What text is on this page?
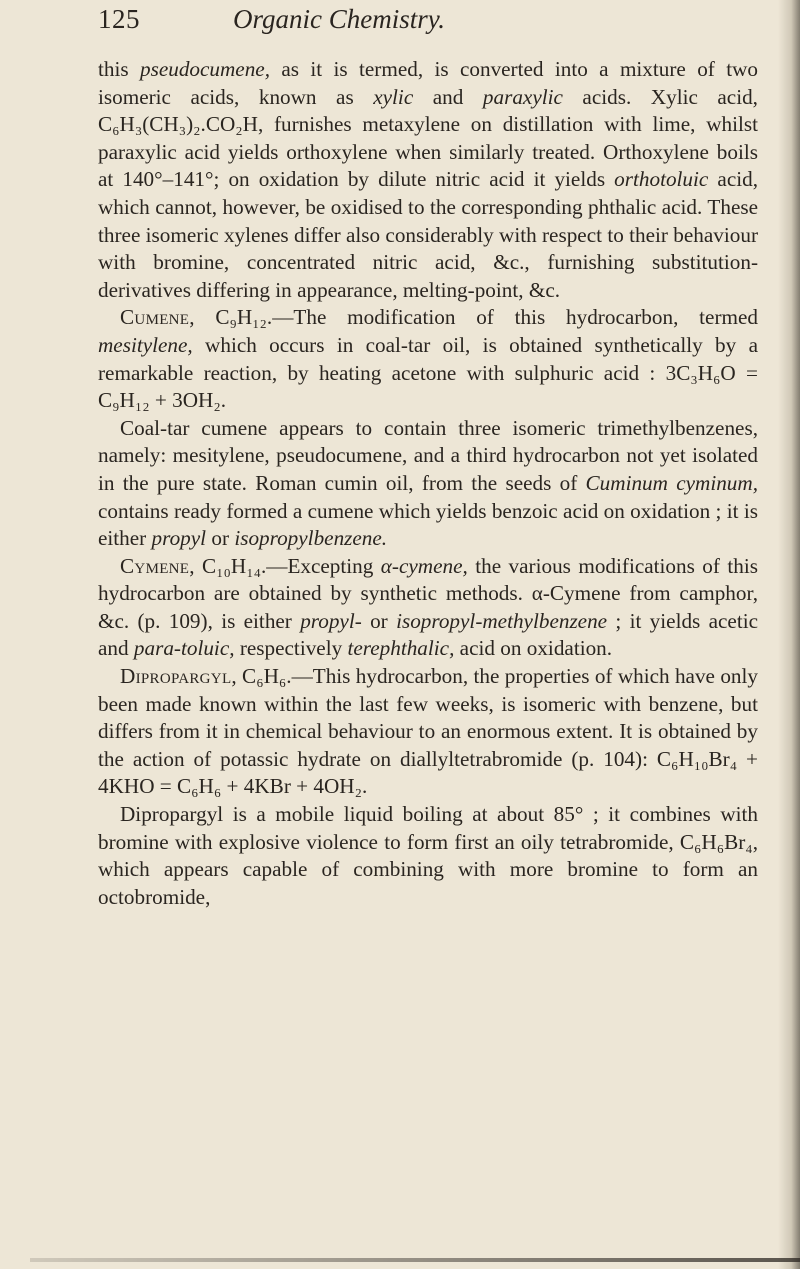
125	Organic Chemistry.

this pseudocumene, as it is termed, is converted into a mixture of two isomeric acids, known as xylic and paraxylic acids. Xylic acid, C₆H₃(CH₃)₂.CO₂H, furnishes metaxylene on distillation with lime, whilst paraxylic acid yields orthoxylene when similarly treated. Orthoxylene boils at 140°–141°; on oxidation by dilute nitric acid it yields orthotoluic acid, which cannot, however, be oxidised to the corresponding phthalic acid. These three isomeric xylenes differ also considerably with respect to their behaviour with bromine, concentrated nitric acid, &c., furnishing substitution-derivatives differing in appearance, melting-point, &c.

Cumene, C₉H₁₂.—The modification of this hydrocarbon, termed mesitylene, which occurs in coal-tar oil, is obtained synthetically by a remarkable reaction, by heating acetone with sulphuric acid : 3C₃H₆O = C₉H₁₂ + 3OH₂.

Coal-tar cumene appears to contain three isomeric trimethylbenzenes, namely: mesitylene, pseudocumene, and a third hydrocarbon not yet isolated in the pure state. Roman cumin oil, from the seeds of Cuminum cyminum, contains ready formed a cumene which yields benzoic acid on oxidation ; it is either propyl or isopropylbenzene.

Cymene, C₁₀H₁₄.—Excepting α-cymene, the various modifications of this hydrocarbon are obtained by synthetic methods. α-Cymene from camphor, &c. (p. 109), is either propyl- or isopropyl-methylbenzene ; it yields acetic and para-toluic, respectively terephthalic, acid on oxidation.

Dipropargyl, C₆H₆.—This hydrocarbon, the properties of which have only been made known within the last few weeks, is isomeric with benzene, but differs from it in chemical behaviour to an enormous extent. It is obtained by the action of potassic hydrate on diallyltetrabromide (p. 104): C₆H₁₀Br₄ + 4KHO = C₆H₆ + 4KBr + 4OH₂.

Dipropargyl is a mobile liquid boiling at about 85° ; it combines with bromine with explosive violence to form first an oily tetrabromide, C₆H₆Br₄, which appears capable of combining with more bromine to form an octobromide,
